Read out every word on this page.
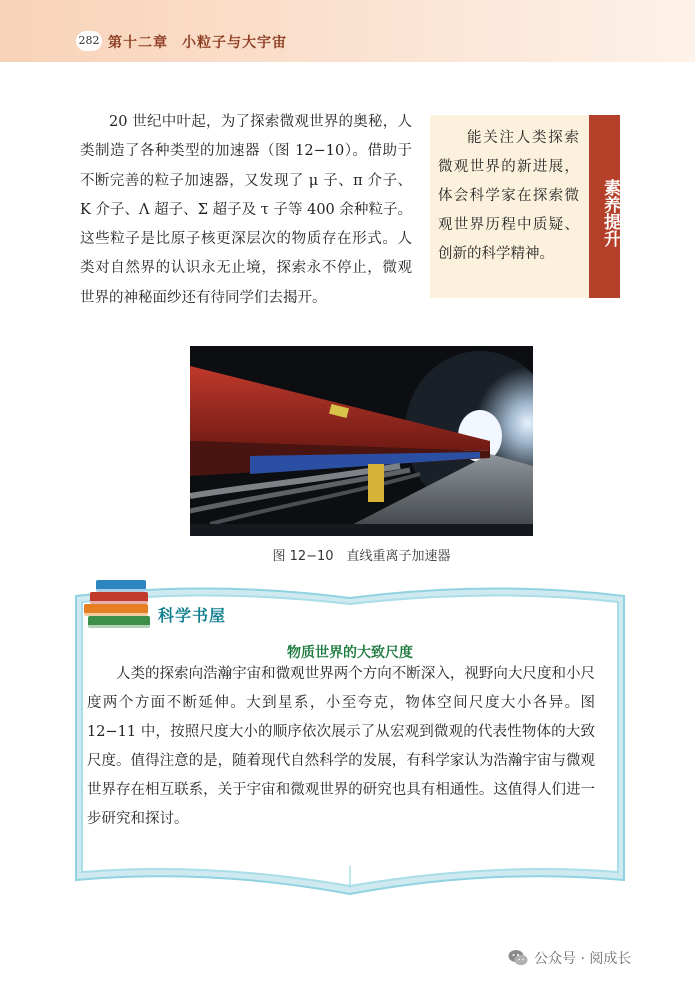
282 第十二章 小粒子与大宇宙

20 世纪中叶起，为了探索微观世界的奥秘，人类制造了各种类型的加速器（图 12−10）。借助于不断完善的粒子加速器，又发现了 μ 子、π 介子、K 介子、Λ 超子、Σ 超子及 τ 子等 400 余种粒子。这些粒子是比原子核更深层次的物质存在形式。人类对自然界的认识永无止境，探索永不停止，微观世界的神秘面纱还有待同学们去揭开。

能关注人类探索微观世界的新进展，体会科学家在探索微观世界历程中质疑、创新的科学精神。

素养提升
图 12−10　直线重离子加速器
科学书屋
物质世界的大致尺度

人类的探索向浩瀚宇宙和微观世界两个方向不断深入，视野向大尺度和小尺度两个方面不断延伸。大到星系，小至夸克，物体空间尺度大小各异。图 12−11 中，按照尺度大小的顺序依次展示了从宏观到微观的代表性物体的大致尺度。值得注意的是，随着现代自然科学的发展，有科学家认为浩瀚宇宙与微观世界存在相互联系，关于宇宙和微观世界的研究也具有相通性。这值得人们进一步研究和探讨。

公众号 · 阅成长
